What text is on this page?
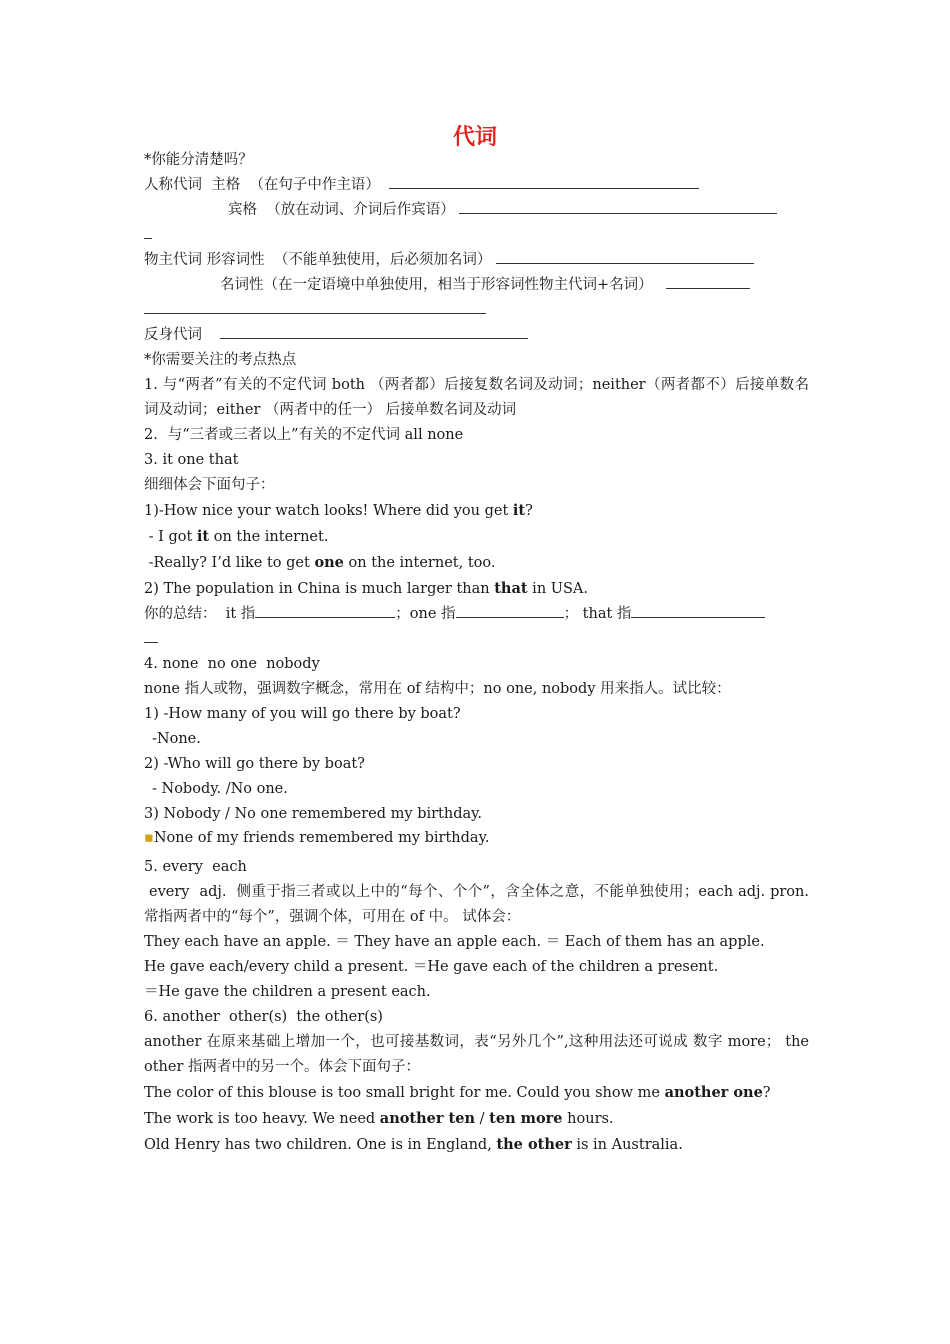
代词
*你能分清楚吗？
人称代词 主格 （在句子中作主语）
宾格 （放在动词、介词后作宾语）
物主代词 形容词性 （不能单独使用，后必须加名词）
名词性（在一定语境中单独使用，相当于形容词性物主代词+名词）
反身代词
*你需要关注的考点热点
1. 与“两者”有关的不定代词 both （两者都）后接复数名词及动词；neither（两者都不）后接单数名词及动词；either （两者中的任一） 后接单数名词及动词
2．与“三者或三者以上”有关的不定代词 all none
3. it one that
细细体会下面句子：
1)-How nice your watch looks! Where did you get it?
- I got it on the internet.
-Really? I’d like to get one on the internet, too.
2) The population in China is much larger than that in USA.
你的总结： it 指	；one 指	； that 指
4. none  no one  nobody
none 指人或物，强调数字概念，常用在 of 结构中；no one, nobody 用来指人。试比较：
1) -How many of you will go there by boat?
-None.
2) -Who will go there by boat?
- Nobody. /No one.
3) Nobody / No one remembered my birthday.
▪None of my friends remembered my birthday.
5. every  each
every  adj.  侧重于指三者或以上中的“每个、个个”，含全体之意，不能单独使用；each adj. pron. 常指两者中的“每个”，强调个体，可用在 of 中。 试体会：
They each have an apple. ＝ They have an apple each. ＝ Each of them has an apple.
He gave each/every child a present. ＝He gave each of the children a present.
＝He gave the children a present each.
6. another  other(s)  the other(s)
another 在原来基础上增加一个，也可接基数词，表“另外几个”,这种用法还可说成 数字 more； the other 指两者中的另一个。体会下面句子：
The color of this blouse is too small bright for me. Could you show me another one?
The work is too heavy. We need another ten / ten more hours.
Old Henry has two children. One is in England, the other is in Australia.
